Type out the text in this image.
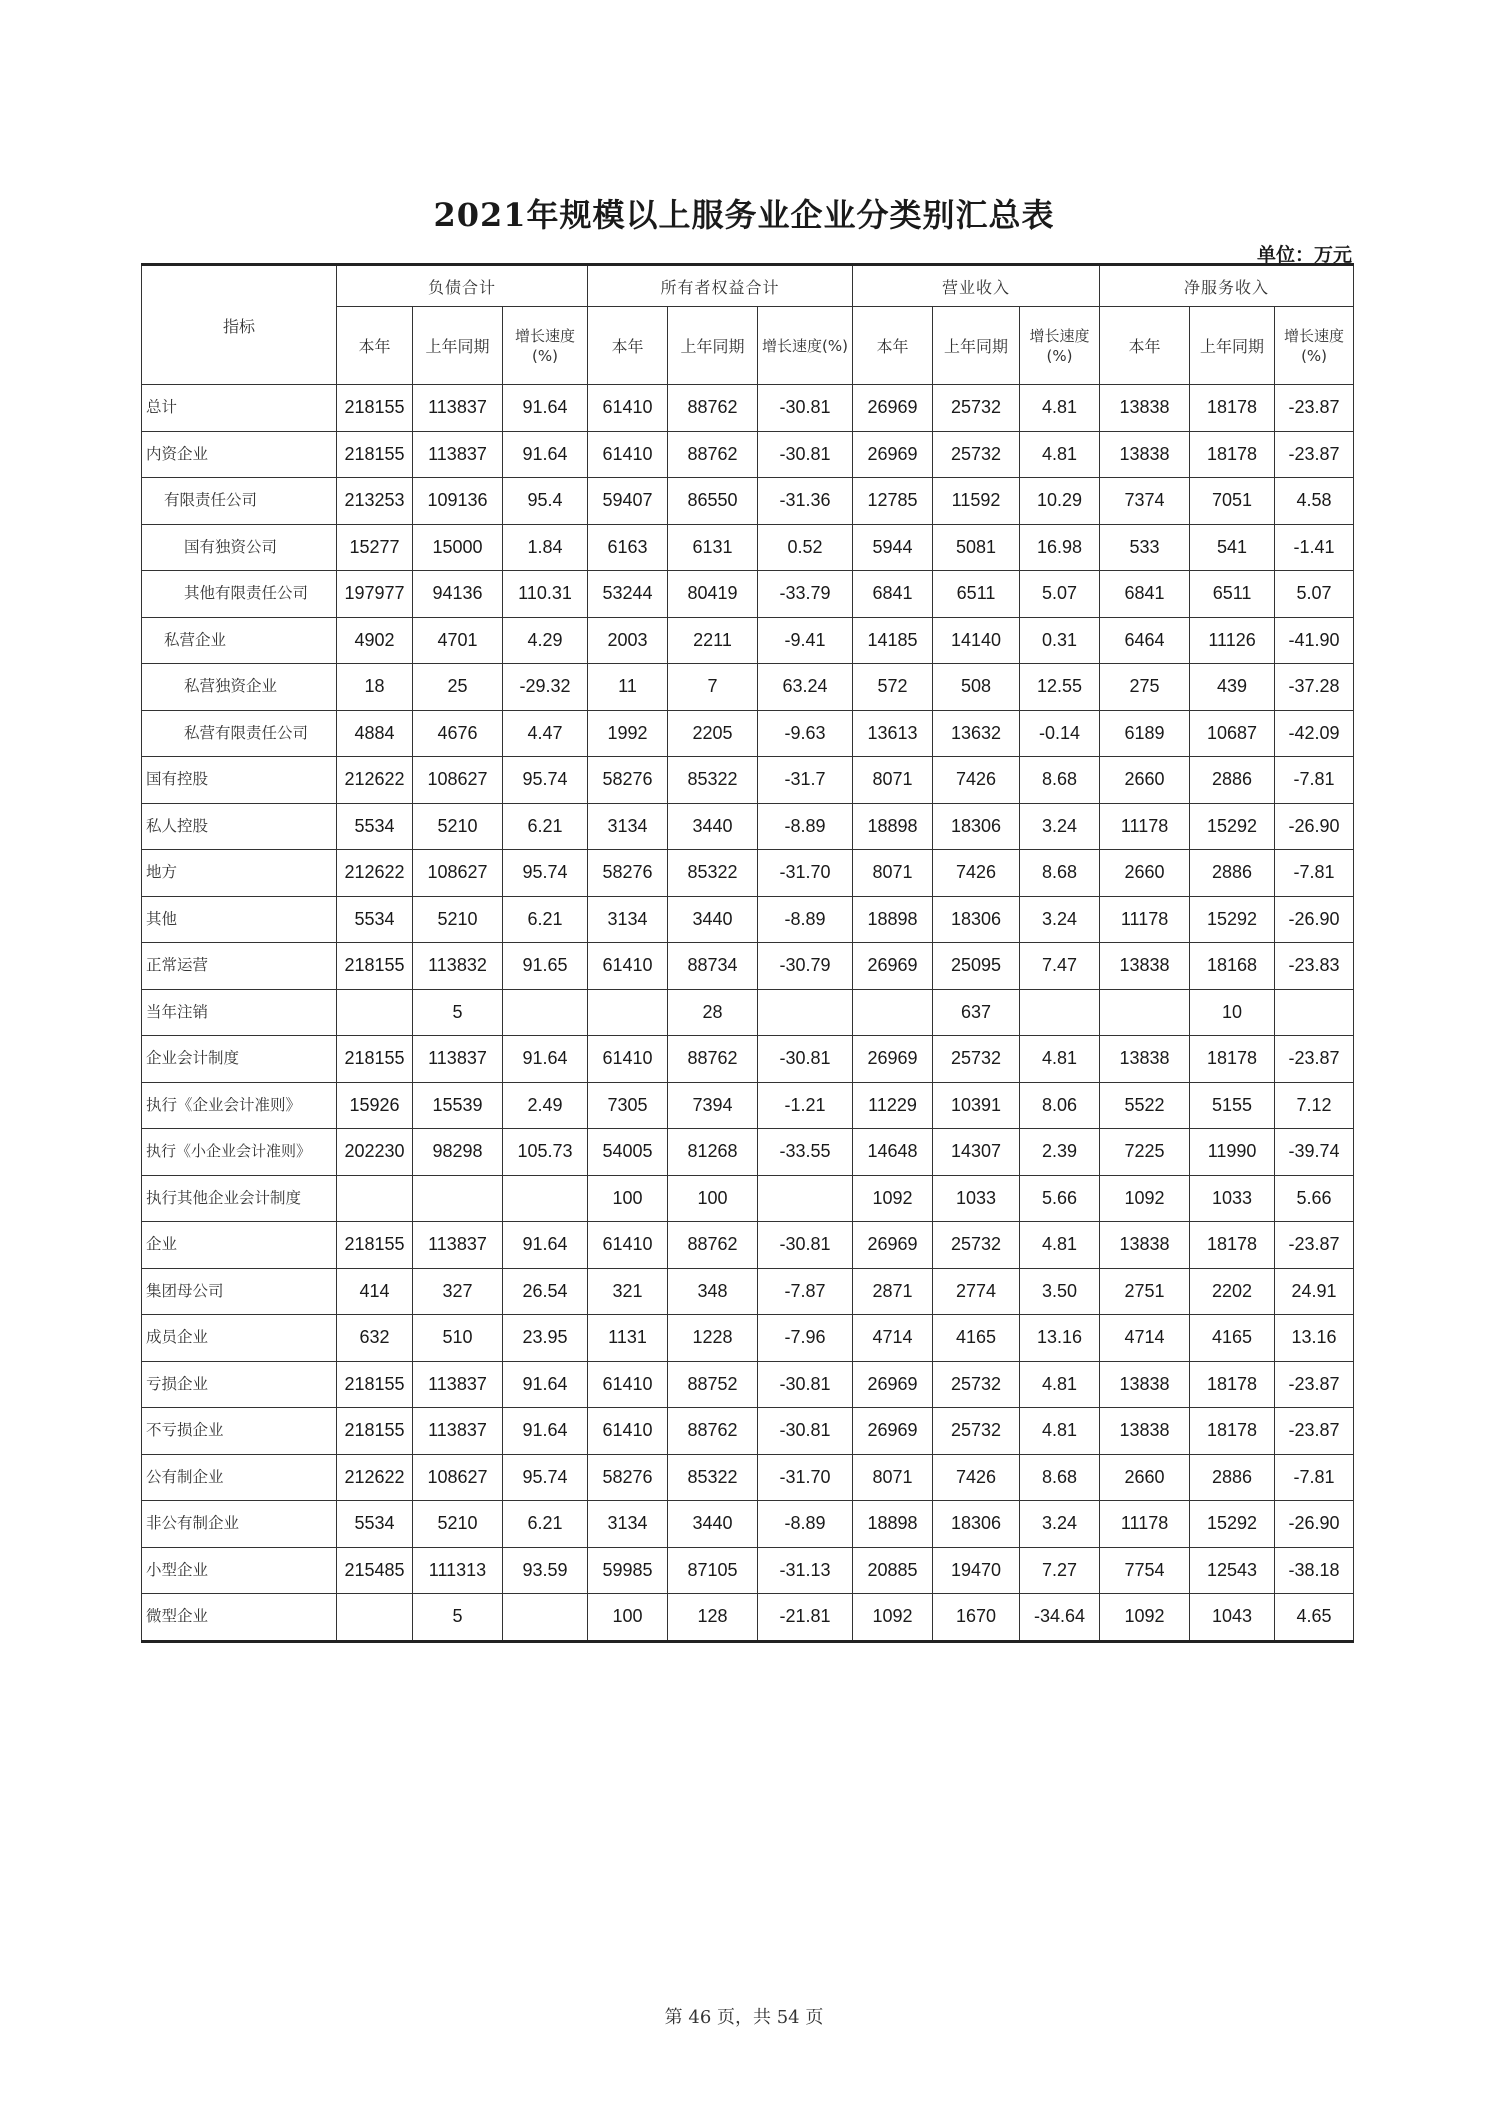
2021年规模以上服务业企业分类别汇总表
单位：万元
指标	负债合计			所有者权益合计			营业收入			净服务收入		
	本年	上年同期	增长速度(%)	本年	上年同期	增长速度(%)	本年	上年同期	增长速度(%)	本年	上年同期	增长速度(%)
总计	218155	113837	91.64	61410	88762	-30.81	26969	25732	4.81	13838	18178	-23.87
内资企业	218155	113837	91.64	61410	88762	-30.81	26969	25732	4.81	13838	18178	-23.87
有限责任公司	213253	109136	95.4	59407	86550	-31.36	12785	11592	10.29	7374	7051	4.58
国有独资公司	15277	15000	1.84	6163	6131	0.52	5944	5081	16.98	533	541	-1.41
其他有限责任公司	197977	94136	110.31	53244	80419	-33.79	6841	6511	5.07	6841	6511	5.07
私营企业	4902	4701	4.29	2003	2211	-9.41	14185	14140	0.31	6464	11126	-41.90
私营独资企业	18	25	-29.32	11	7	63.24	572	508	12.55	275	439	-37.28
私营有限责任公司	4884	4676	4.47	1992	2205	-9.63	13613	13632	-0.14	6189	10687	-42.09
国有控股	212622	108627	95.74	58276	85322	-31.7	8071	7426	8.68	2660	2886	-7.81
私人控股	5534	5210	6.21	3134	3440	-8.89	18898	18306	3.24	11178	15292	-26.90
地方	212622	108627	95.74	58276	85322	-31.70	8071	7426	8.68	2660	2886	-7.81
其他	5534	5210	6.21	3134	3440	-8.89	18898	18306	3.24	11178	15292	-26.90
正常运营	218155	113832	91.65	61410	88734	-30.79	26969	25095	7.47	13838	18168	-23.83
当年注销		5			28			637			10	
企业会计制度	218155	113837	91.64	61410	88762	-30.81	26969	25732	4.81	13838	18178	-23.87
执行《企业会计准则》	15926	15539	2.49	7305	7394	-1.21	11229	10391	8.06	5522	5155	7.12
执行《小企业会计准则》	202230	98298	105.73	54005	81268	-33.55	14648	14307	2.39	7225	11990	-39.74
执行其他企业会计制度				100	100		1092	1033	5.66	1092	1033	5.66
企业	218155	113837	91.64	61410	88762	-30.81	26969	25732	4.81	13838	18178	-23.87
集团母公司	414	327	26.54	321	348	-7.87	2871	2774	3.50	2751	2202	24.91
成员企业	632	510	23.95	1131	1228	-7.96	4714	4165	13.16	4714	4165	13.16
亏损企业	218155	113837	91.64	61410	88752	-30.81	26969	25732	4.81	13838	18178	-23.87
不亏损企业	218155	113837	91.64	61410	88762	-30.81	26969	25732	4.81	13838	18178	-23.87
公有制企业	212622	108627	95.74	58276	85322	-31.70	8071	7426	8.68	2660	2886	-7.81
非公有制企业	5534	5210	6.21	3134	3440	-8.89	18898	18306	3.24	11178	15292	-26.90
小型企业	215485	111313	93.59	59985	87105	-31.13	20885	19470	7.27	7754	12543	-38.18
微型企业		5		100	128	-21.81	1092	1670	-34.64	1092	1043	4.65
第 46 页，共 54 页
